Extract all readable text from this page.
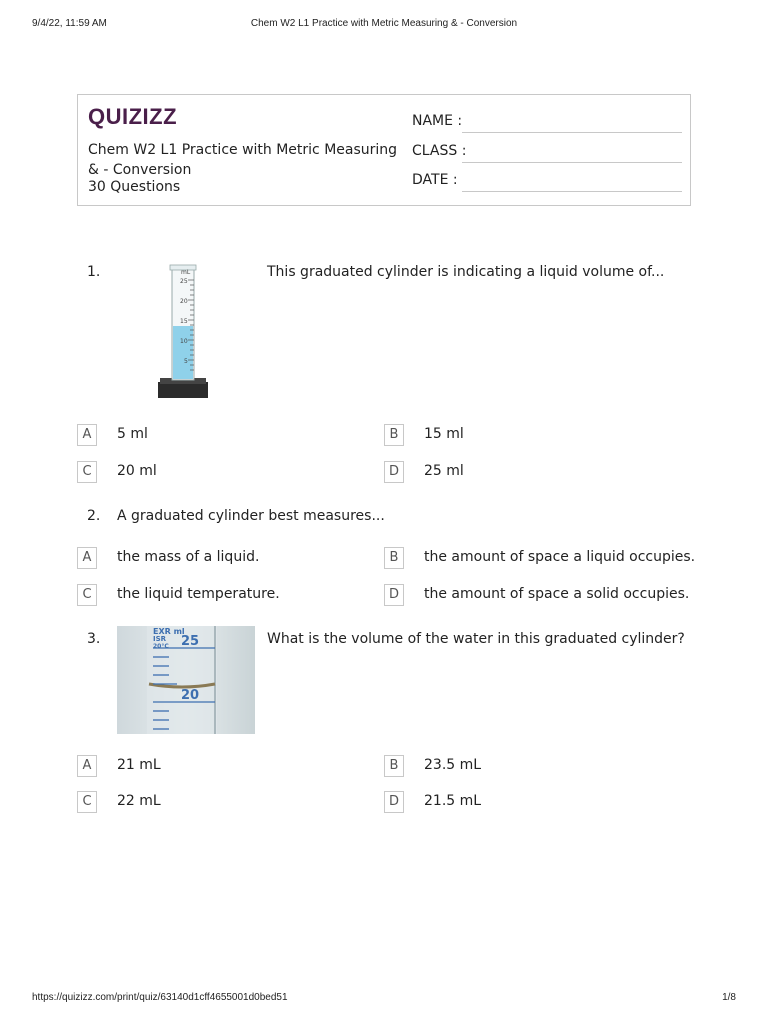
9/4/22, 11:59 AM	Chem W2 L1 Practice with Metric Measuring & - Conversion
QUIZIZZ
Chem W2 L1 Practice with Metric Measuring & - Conversion
30 Questions
NAME :
CLASS :
DATE :
1.	mL
25
20
15
10
5
This graduated cylinder is indicating a liquid volume of...
A	5 ml	B	15 ml
C	20 ml	D	25 ml
2. A graduated cylinder best measures...
A	the mass of a liquid.	B	the amount of space a liquid occupies.
C	the liquid temperature.	D	the amount of space a solid occupies.
3.	EXR ml
ISR
20°C 25
20
What is the volume of the water in this graduated cylinder?
A	21 mL	B	23.5 mL
C	22 mL	D	21.5 mL
https://quizizz.com/print/quiz/63140d1cff4655001d0bed51	1/8
